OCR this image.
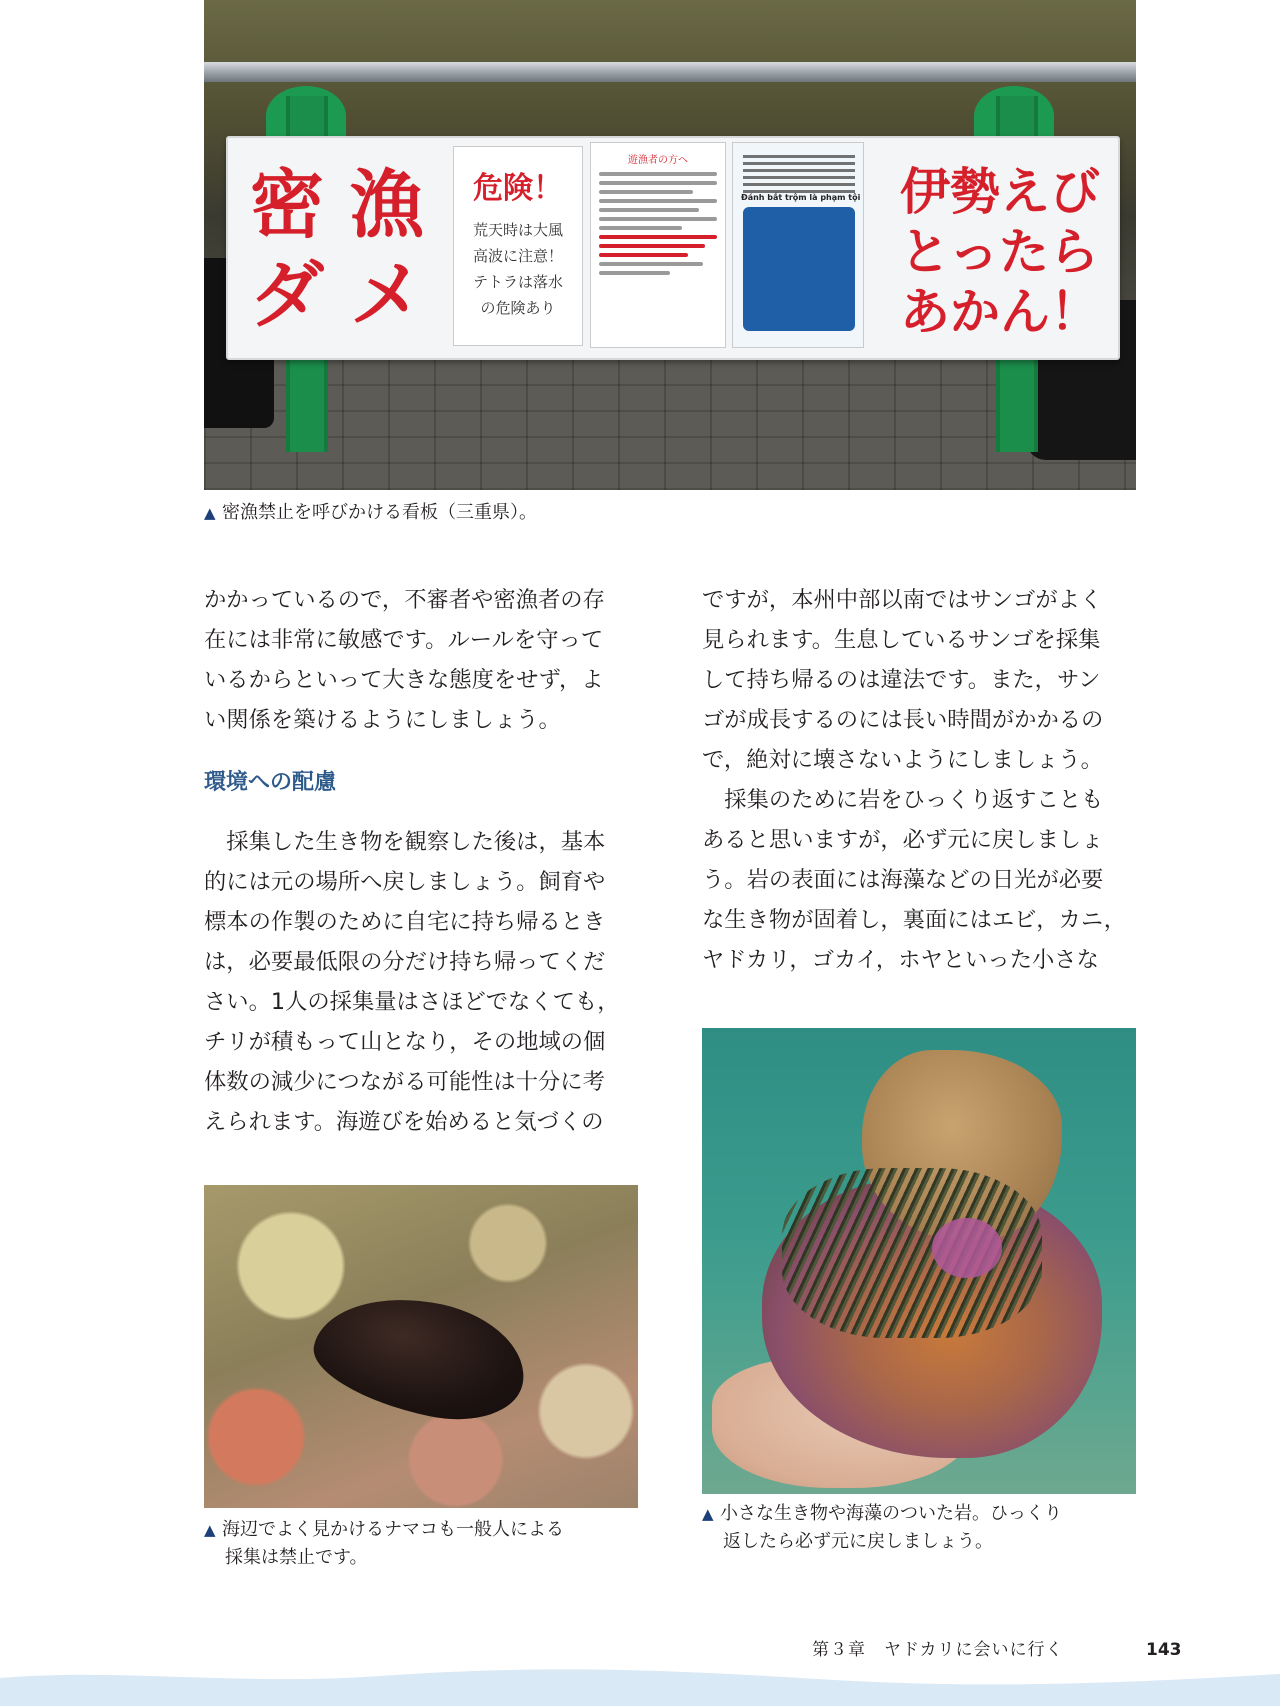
密 漁
ダ メ
危険！
荒天時は大風
高波に注意！
テトラは落水
の危険あり
遊漁者の方へ
Đánh bắt trộm là phạm tội 伊勢えび
とったら
あかん！
▲ 密漁禁止を呼びかける看板（三重県）。
かかっているので，不審者や密漁者の存
在には非常に敏感です。ルールを守って
いるからといって大きな態度をせず，よ
い関係を築けるようにしましょう。
環境への配慮
　採集した生き物を観察した後は，基本
的には元の場所へ戻しましょう。飼育や
標本の作製のために自宅に持ち帰るとき
は，必要最低限の分だけ持ち帰ってくだ
さい。1人の採集量はさほどでなくても，
チリが積もって山となり，その地域の個
体数の減少につながる可能性は十分に考
えられます。海遊びを始めると気づくの
ですが，本州中部以南ではサンゴがよく
見られます。生息しているサンゴを採集
して持ち帰るのは違法です。また，サン
ゴが成長するのには長い時間がかかるの
で，絶対に壊さないようにしましょう。
　採集のために岩をひっくり返すことも
あると思いますが，必ず元に戻しましょ
う。岩の表面には海藻などの日光が必要
な生き物が固着し，裏面にはエビ，カニ，
ヤドカリ，ゴカイ，ホヤといった小さな
▲ 小さな生き物や海藻のついた岩。ひっくり
返したら必ず元に戻しましょう。
▲ 海辺でよく見かけるナマコも一般人による
採集は禁止です。
第３章　ヤドカリに会いに行く	143
